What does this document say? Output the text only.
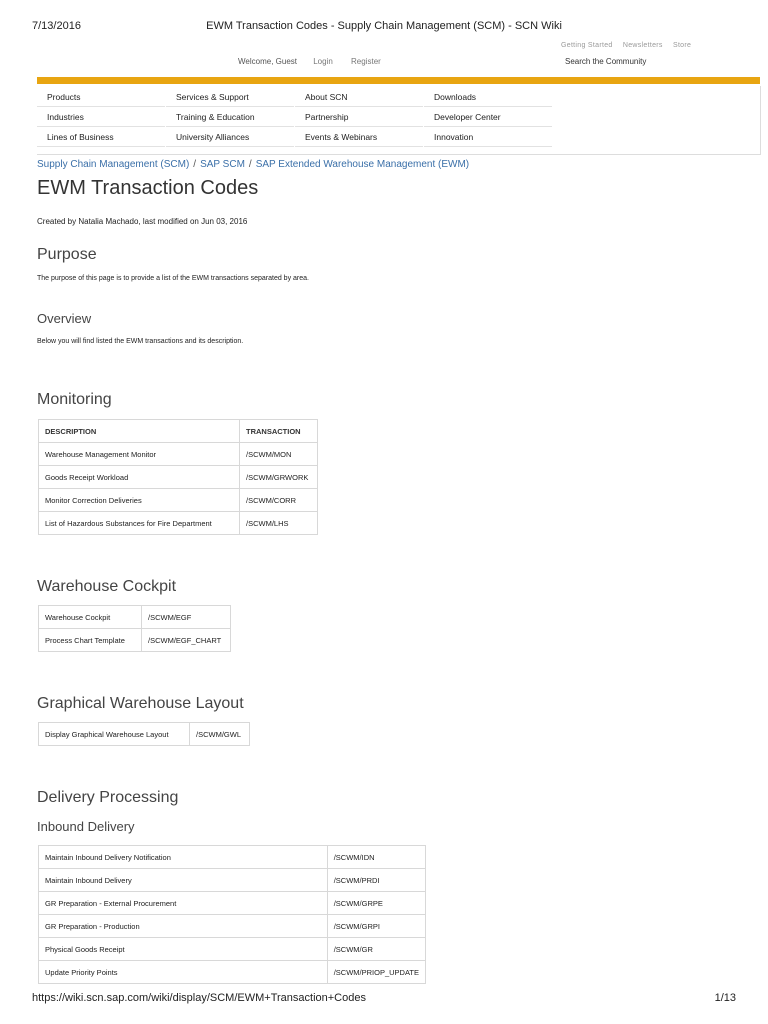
7/13/2016	EWM Transaction Codes - Supply Chain Management (SCM) - SCN Wiki
Getting Started Newsletters Store
Welcome, Guest Login Register	Search the Community
Products	Services & Support	About SCN	Downloads
Industries	Training & Education	Partnership	Developer Center
Lines of Business	University Alliances	Events & Webinars	Innovation
Supply Chain Management (SCM) / SAP SCM / SAP Extended Warehouse Management (EWM)
EWM Transaction Codes
Created by Natalia Machado, last modified on Jun 03, 2016
Purpose
The purpose of this page is to provide a list of the EWM transactions separated by area.
Overview
Below you will find listed the EWM transactions and its description.
Monitoring
DESCRIPTION	TRANSACTION
Warehouse Management Monitor	/SCWM/MON
Goods Receipt Workload	/SCWM/GRWORK
Monitor Correction Deliveries	/SCWM/CORR
List of Hazardous Substances for Fire Department	/SCWM/LHS
Warehouse Cockpit
Warehouse Cockpit	/SCWM/EGF
Process Chart Template	/SCWM/EGF_CHART
Graphical Warehouse Layout
Display Graphical Warehouse Layout	/SCWM/GWL
Delivery Processing
Inbound Delivery
Maintain Inbound Delivery Notification	/SCWM/IDN
Maintain Inbound Delivery	/SCWM/PRDI
GR Preparation - External Procurement	/SCWM/GRPE
GR Preparation - Production	/SCWM/GRPI
Physical Goods Receipt	/SCWM/GR
Update Priority Points	/SCWM/PRIOP_UPDATE
https://wiki.scn.sap.com/wiki/display/SCM/EWM+Transaction+Codes	1/13
